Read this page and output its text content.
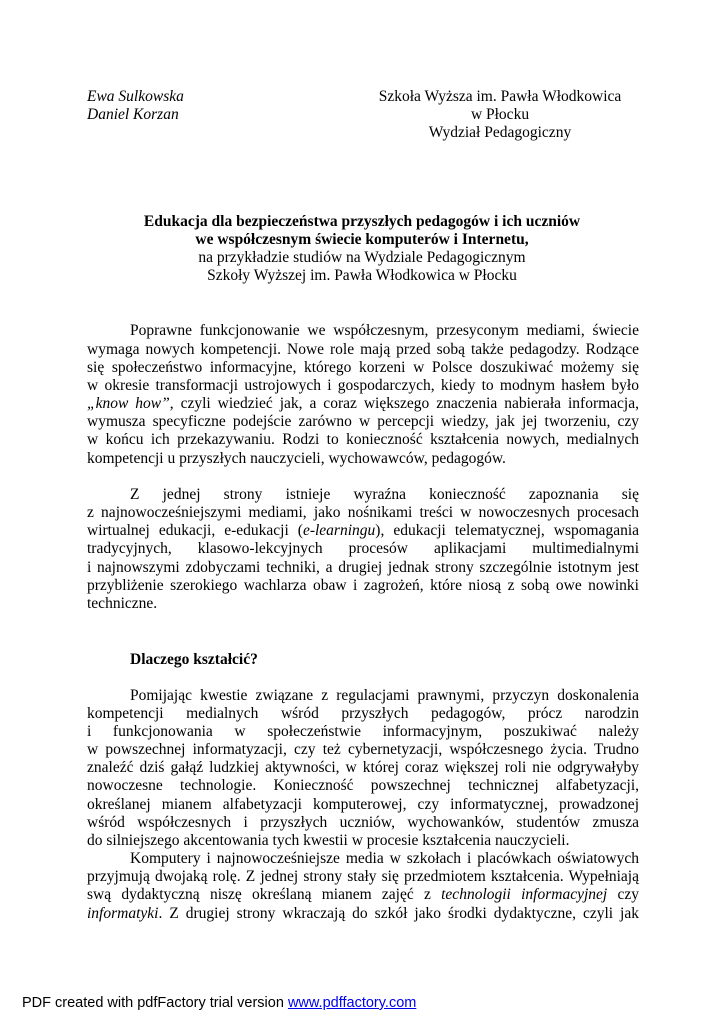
Ewa Sulkowska
Daniel Korzan
Szkoła Wyższa im. Pawła Włodkowica
w Płocku
Wydział Pedagogiczny
Edukacja dla bezpieczeństwa przyszłych pedagogów i ich uczniów
we współczesnym świecie komputerów i Internetu,
na przykładzie studiów na Wydziale Pedagogicznym
Szkoły Wyższej im. Pawła Włodkowica w Płocku
Poprawne funkcjonowanie we współczesnym, przesyconym mediami, świecie
wymaga nowych kompetencji. Nowe role mają przed sobą także pedagodzy. Rodzące
się społeczeństwo informacyjne, którego korzeni w Polsce doszukiwać możemy się
w okresie transformacji ustrojowych i gospodarczych, kiedy to modnym hasłem było
„know how”, czyli wiedzieć jak, a coraz większego znaczenia nabierała informacja,
wymusza specyficzne podejście zarówno w percepcji wiedzy, jak jej tworzeniu, czy
w końcu ich przekazywaniu. Rodzi to konieczność kształcenia nowych, medialnych
kompetencji u przyszłych nauczycieli, wychowawców, pedagogów.
Z jednej strony istnieje wyraźna konieczność zapoznania się
z najnowocześniejszymi mediami, jako nośnikami treści w nowoczesnych procesach
wirtualnej edukacji, e-edukacji (e-learningu), edukacji telematycznej, wspomagania
tradycyjnych, klasowo-lekcyjnych procesów aplikacjami multimedialnymi
i najnowszymi zdobyczami techniki, a drugiej jednak strony szczególnie istotnym jest
przybliżenie szerokiego wachlarza obaw i zagrożeń, które niosą z sobą owe nowinki
techniczne.
Dlaczego kształcić?
Pomijając kwestie związane z regulacjami prawnymi, przyczyn doskonalenia
kompetencji medialnych wśród przyszłych pedagogów, prócz narodzin
i funkcjonowania w społeczeństwie informacyjnym, poszukiwać należy
w powszechnej informatyzacji, czy też cybernetyzacji, współczesnego życia. Trudno
znaleźć dziś gałąź ludzkiej aktywności, w której coraz większej roli nie odgrywałyby
nowoczesne technologie. Konieczność powszechnej technicznej alfabetyzacji,
określanej mianem alfabetyzacji komputerowej, czy informatycznej, prowadzonej
wśród współczesnych i przyszłych uczniów, wychowanków, studentów zmusza
do silniejszego akcentowania tych kwestii w procesie kształcenia nauczycieli.
Komputery i najnowocześniejsze media w szkołach i placówkach oświatowych
przyjmują dwojaką rolę. Z jednej strony stały się przedmiotem kształcenia. Wypełniają
swą dydaktyczną niszę określaną mianem zajęć z technologii informacyjnej czy
informatyki. Z drugiej strony wkraczają do szkół jako środki dydaktyczne, czyli jak
PDF created with pdfFactory trial version www.pdffactory.com
